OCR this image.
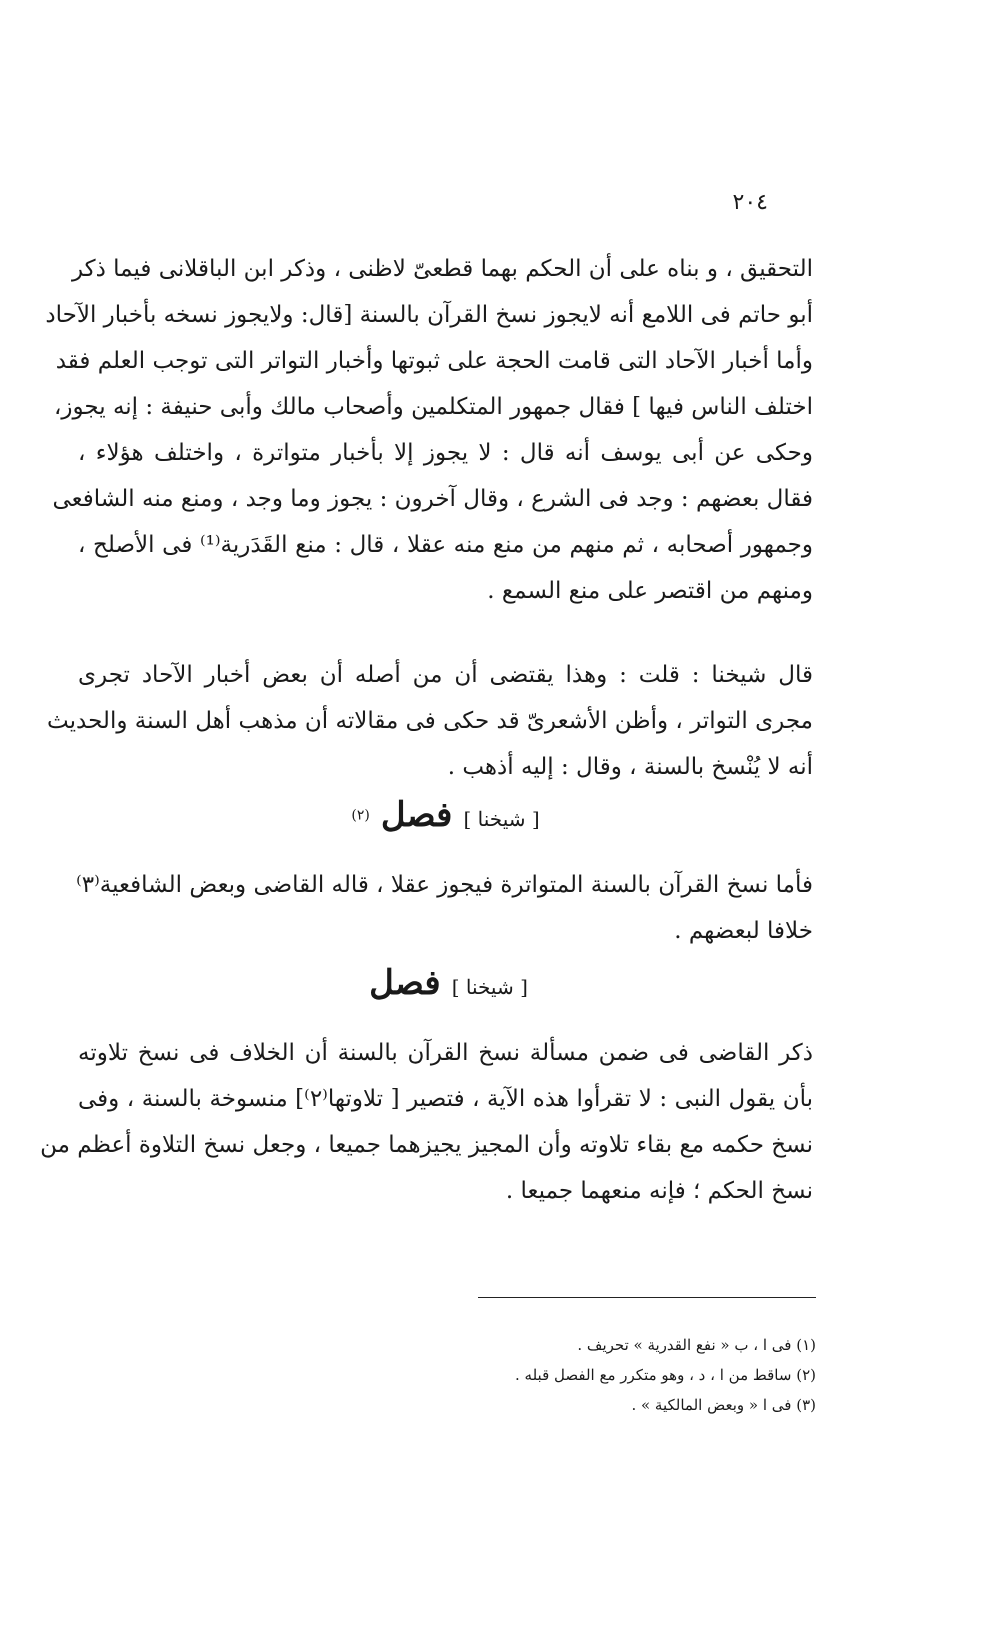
٢٠٤
التحقيق ، و بناه على أن الحكم بهما قطعىّ لاظنى ، وذكر ابن الباقلانى فيما ذكر
أبو حاتم فى اللامع أنه لايجوز نسخ القرآن بالسنة [قال: ولايجوز نسخه بأخبار الآحاد
وأما أخبار الآحاد التى قامت الحجة على ثبوتها وأخبار التواتر التى توجب العلم فقد
اختلف الناس فيها ] فقال جمهور المتكلمين وأصحاب مالك وأبى حنيفة : إنه يجوز،
وحكى عن أبى يوسف أنه قال : لا يجوز إلا بأخبار متواترة ، واختلف هؤلاء ،
فقال بعضهم : وجد فى الشرع ، وقال آخرون : يجوز وما وجد ، ومنع منه الشافعى
وجمهور أصحابه ، ثم منهم من منع منه عقلا ، قال : منع القَدَرية⁽¹⁾ فى الأصلح ،
ومنهم من اقتصر على منع السمع .
قال شيخنا : قلت : وهذا يقتضى أن من أصله أن بعض أخبار الآحاد تجرى
مجرى التواتر ، وأظن الأشعرىّ قد حكى فى مقالاته أن مذهب أهل السنة والحديث
أنه لا يُنْسخ بالسنة ، وقال : إليه أذهب .
[ شيخنا ] فصل (٢)
فأما نسخ القرآن بالسنة المتواترة فيجوز عقلا ، قاله القاضى وبعض الشافعية⁽٣⁾
خلافا لبعضهم .
[ شيخنا ] فصل
ذكر القاضى فى ضمن مسألة نسخ القرآن بالسنة أن الخلاف فى نسخ تلاوته
بأن يقول النبى : لا تقرأوا هذه الآية ، فتصير [ تلاوتها⁽٢⁾] منسوخة بالسنة ، وفى
نسخ حكمه مع بقاء تلاوته وأن المجيز يجيزهما جميعا ، وجعل نسخ التلاوة أعظم من
نسخ الحكم ؛ فإنه منعهما جميعا .
(١) فى ا ، ب « نفع القدرية » تحريف .
(٢) ساقط من ا ، د ، وهو متكرر مع الفصل قبله .
(٣) فى ا « وبعض المالكية » .
